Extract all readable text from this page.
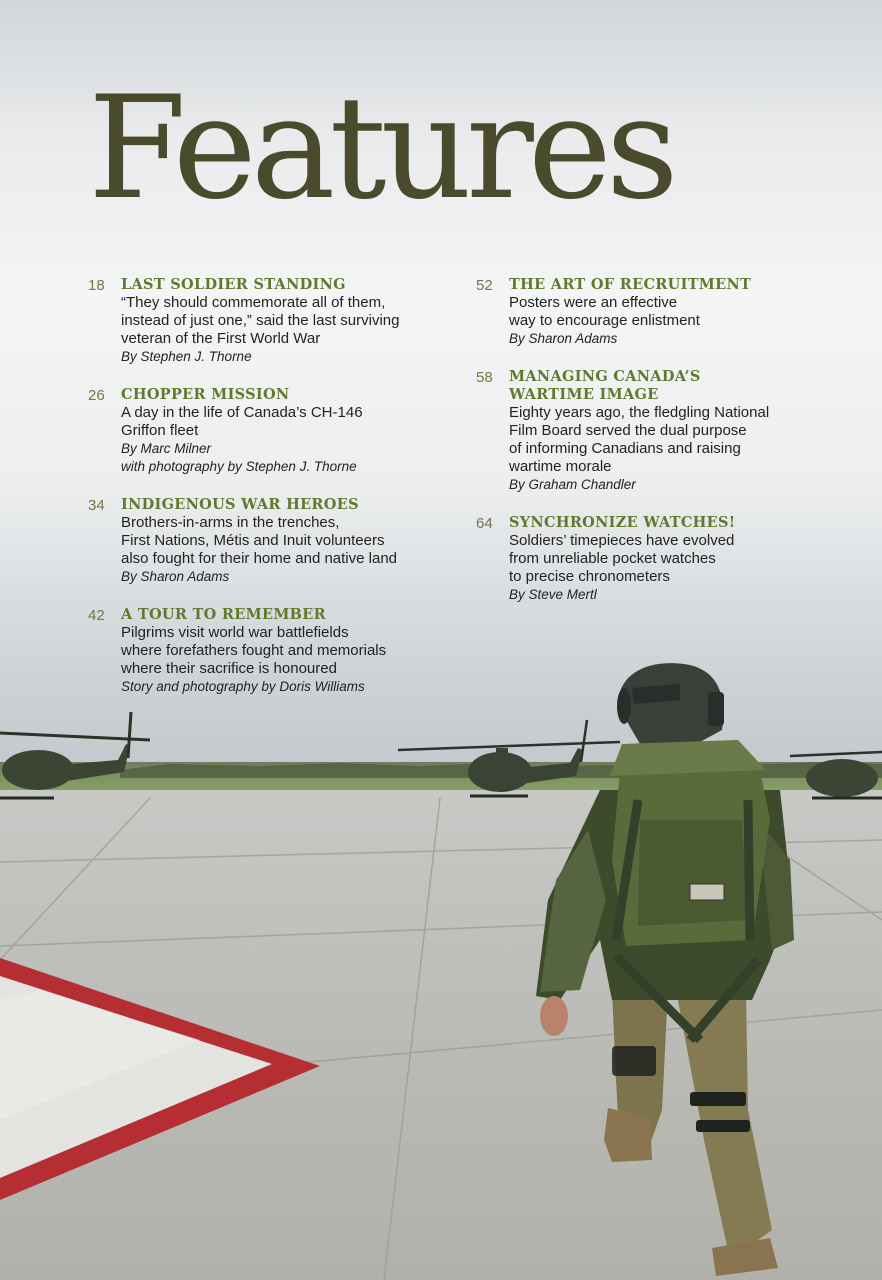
Features
18	LAST SOLDIER STANDING
“They should commemorate all of them,
instead of just one,” said the last surviving
veteran of the First World War
By Stephen J. Thorne
26	CHOPPER MISSION
A day in the life of Canada’s CH-146
Griffon fleet
By Marc Milner
with photography by Stephen J. Thorne
34	INDIGENOUS WAR HEROES
Brothers-in-arms in the trenches,
First Nations, Métis and Inuit volunteers
also fought for their home and native land
By Sharon Adams
42	A TOUR TO REMEMBER
Pilgrims visit world war battlefields
where forefathers fought and memorials
where their sacrifice is honoured
Story and photography by Doris Williams
52	THE ART OF RECRUITMENT
Posters were an effective
way to encourage enlistment
By Sharon Adams
58	MANAGING CANADA’S
WARTIME IMAGE
Eighty years ago, the fledgling National
Film Board served the dual purpose
of informing Canadians and raising
wartime morale
By Graham Chandler
64	SYNCHRONIZE WATCHES!
Soldiers’ timepieces have evolved
from unreliable pocket watches
to precise chronometers
By Steve Mertl
